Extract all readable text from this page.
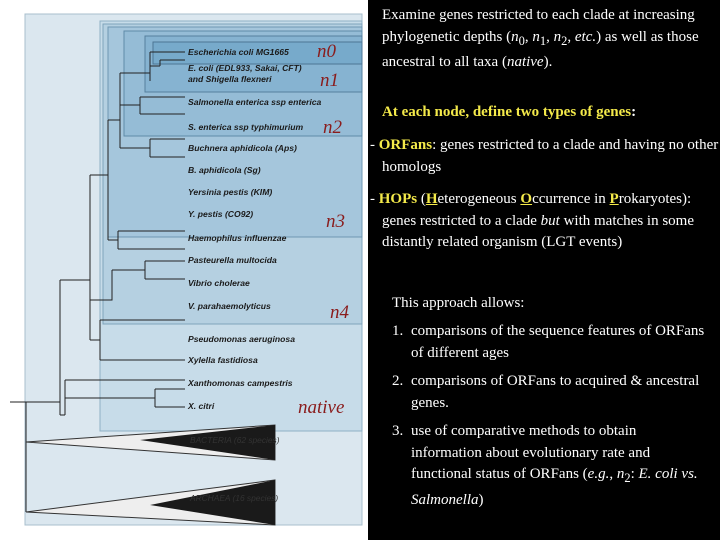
Escherichia coli MG1665
E. coli (EDL933, Sakai, CFT)
and Shigella flexneri
Salmonella enterica ssp enterica
S. enterica ssp typhimurium
Buchnera aphidicola (Aps)
B. aphidicola (Sg)
Yersinia pestis (KIM)
Y. pestis (CO92)
Haemophilus influenzae
Pasteurella multocida
Vibrio cholerae
V. parahaemolyticus
Pseudomonas aeruginosa
Xylella fastidiosa
Xanthomonas campestris
X. citri
BACTERIA (62 species)
ARCHAEA (16 species)
n0
n1
n2
n3
n4
native

Examine genes restricted to each clade at increasing phylogenetic depths ($n_0$, $n_1$, $n_2$, etc.) as well as those ancestral to all taxa (native).

At each node, define two types of genes:

- ORFans: genes restricted to a clade and having no other homologs

- HOPs (Heterogeneous Occurrence in Prokaryotes): genes restricted to a clade but with matches in some distantly related organism (LGT events)

This approach allows:

1. comparisons of the sequence features of ORFans of different ages
2. comparisons of ORFans to acquired & ancestral genes.
3. use of comparative methods to obtain information about evolutionary rate and functional status of ORFans (e.g., $n_2$: E. coli vs. Salmonella)
